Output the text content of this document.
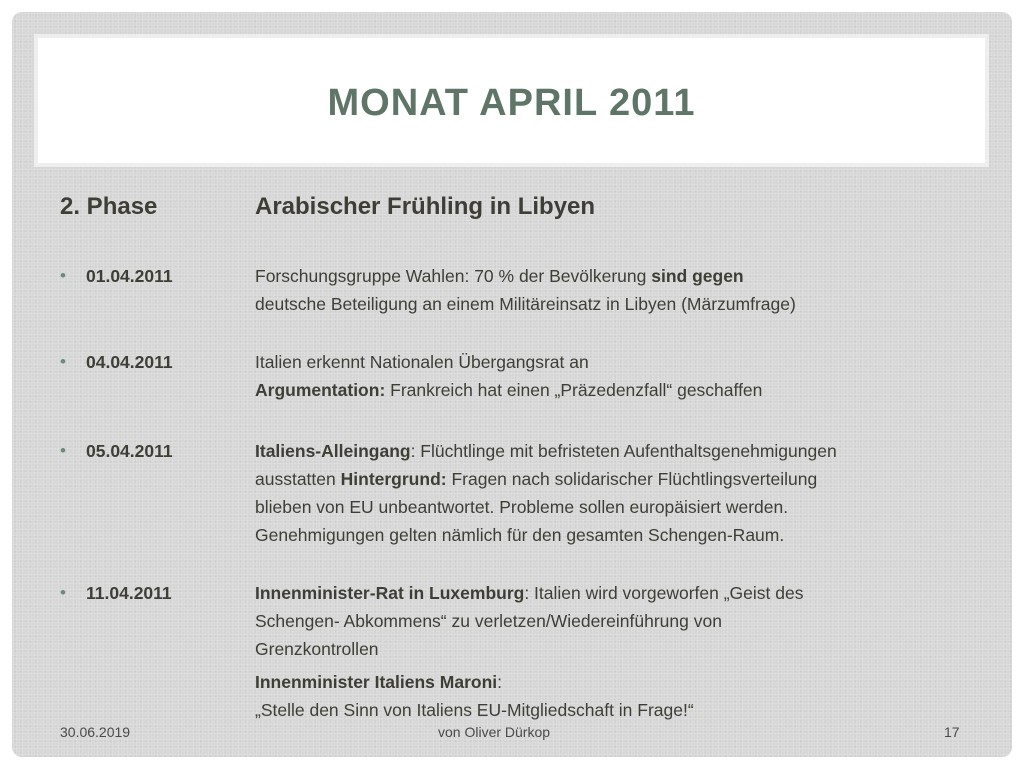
MONAT APRIL 2011
2. Phase	Arabischer Frühling in Libyen
• 01.04.2011	Forschungsgruppe Wahlen: 70 % der Bevölkerung sind gegen

deutsche Beteiligung an einem Militäreinsatz in Libyen (Märzumfrage)

• 04.04.2011	Italien erkennt Nationalen Übergangsrat an

Argumentation: Frankreich hat einen „Präzedenzfall“ geschaffen

• 05.04.2011	Italiens-Alleingang: Flüchtlinge mit befristeten Aufenthaltsgenehmigungen

ausstatten Hintergrund: Fragen nach solidarischer Flüchtlingsverteilung

blieben von EU unbeantwortet. Probleme sollen europäisiert werden.

Genehmigungen gelten nämlich für den gesamten Schengen-Raum.

• 11.04.2011	Innenminister-Rat in Luxemburg: Italien wird vorgeworfen „Geist des

Schengen- Abkommens“ zu verletzen/Wiedereinführung von

Grenzkontrollen

Innenminister Italiens Maroni:

„Stelle den Sinn von Italiens EU-Mitgliedschaft in Frage!“

30.06.2019	von Oliver Dürkop	17
